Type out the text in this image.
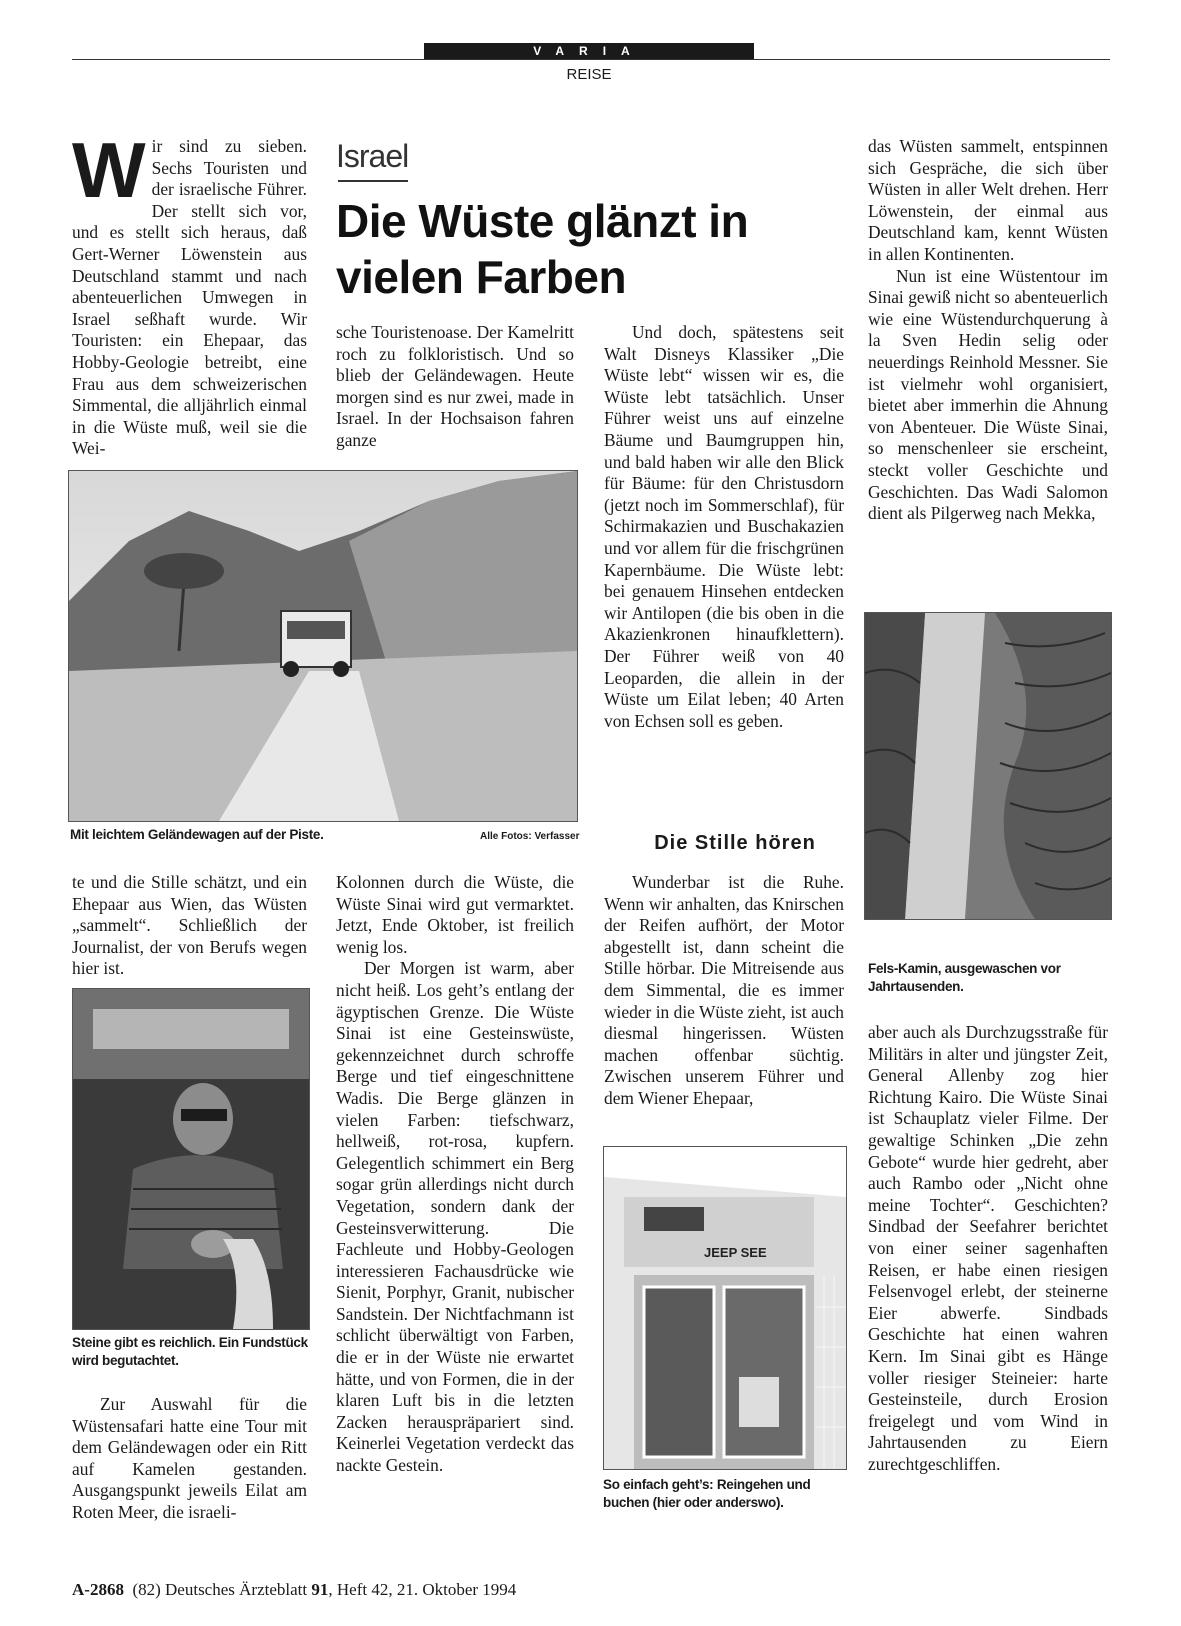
VARIA
REISE
W ir sind zu sieben. Sechs Touristen und der israelische Führer. Der stellt sich vor, und es stellt sich heraus, daß Gert-Werner Löwenstein aus Deutschland stammt und nach abenteuerlichen Umwegen in Israel seßhaft wurde. Wir Touristen: ein Ehepaar, das Hobby-Geologie betreibt, eine Frau aus dem schweizerischen Simmental, die alljährlich einmal in die Wüste muß, weil sie die Wei-

Israel
Die Wüste glänzt in vielen Farben

sche Touristenoase. Der Kamelritt roch zu folkloristisch. Und so blieb der Geländewagen. Heute morgen sind es nur zwei, made in Israel. In der Hochsaison fahren ganze

Und doch, spätestens seit Walt Disneys Klassiker „Die Wüste lebt“ wissen wir es, die Wüste lebt tatsächlich. Unser Führer weist uns auf einzelne Bäume und Baumgruppen hin, und bald haben wir alle den Blick für Bäume: für den Christusdorn (jetzt noch im Sommerschlaf), für Schirmakazien und Buschakazien und vor allem für die frischgrünen Kapernbäume. Die Wüste lebt: bei genauem Hinsehen entdecken wir Antilopen (die bis oben in die Akazienkronen hinaufklettern). Der Führer weiß von 40 Leoparden, die allein in der Wüste um Eilat leben; 40 Arten von Echsen soll es geben.

das Wüsten sammelt, entspinnen sich Gespräche, die sich über Wüsten in aller Welt drehen. Herr Löwenstein, der einmal aus Deutschland kam, kennt Wüsten in allen Kontinenten.

Nun ist eine Wüstentour im Sinai gewiß nicht so abenteuerlich wie eine Wüstendurchquerung à la Sven Hedin selig oder neuerdings Reinhold Messner. Sie ist vielmehr wohl organisiert, bietet aber immerhin die Ahnung von Abenteuer. Die Wüste Sinai, so menschenleer sie erscheint, steckt voller Geschichte und Geschichten. Das Wadi Salomon dient als Pilgerweg nach Mekka,

Mit leichtem Geländewagen auf der Piste.	Alle Fotos: Verfasser
Fels-Kamin, ausgewaschen vor Jahrtausenden.

te und die Stille schätzt, und ein Ehepaar aus Wien, das Wüsten „sammelt“. Schließlich der Journalist, der von Berufs wegen hier ist.

Steine gibt es reichlich. Ein Fundstück wird begutachtet.

Zur Auswahl für die Wüstensafari hatte eine Tour mit dem Geländewagen oder ein Ritt auf Kamelen gestanden. Ausgangspunkt jeweils Eilat am Roten Meer, die israeli-

Kolonnen durch die Wüste, die Wüste Sinai wird gut vermarktet. Jetzt, Ende Oktober, ist freilich wenig los.

Der Morgen ist warm, aber nicht heiß. Los geht’s entlang der ägyptischen Grenze. Die Wüste Sinai ist eine Gesteinswüste, gekennzeichnet durch schroffe Berge und tief eingeschnittene Wadis. Die Berge glänzen in vielen Farben: tiefschwarz, hellweiß, rot-rosa, kupfern. Gelegentlich schimmert ein Berg sogar grün allerdings nicht durch Vegetation, sondern dank der Gesteinsverwitterung. Die Fachleute und Hobby-Geologen interessieren Fachausdrücke wie Sienit, Porphyr, Granit, nubischer Sandstein. Der Nichtfachmann ist schlicht überwältigt von Farben, die er in der Wüste nie erwartet hätte, und von Formen, die in der klaren Luft bis in die letzten Zacken herauspräpariert sind. Keinerlei Vegetation verdeckt das nackte Gestein.

Die Stille hören

Wunderbar ist die Ruhe. Wenn wir anhalten, das Knirschen der Reifen aufhört, der Motor abgestellt ist, dann scheint die Stille hörbar. Die Mitreisende aus dem Simmental, die es immer wieder in die Wüste zieht, ist auch diesmal hingerissen. Wüsten machen offenbar süchtig. Zwischen unserem Führer und dem Wiener Ehepaar,

JEEP SEE
So einfach geht’s: Reingehen und buchen (hier oder anderswo).

aber auch als Durchzugsstraße für Militärs in alter und jüngster Zeit, General Allenby zog hier Richtung Kairo. Die Wüste Sinai ist Schauplatz vieler Filme. Der gewaltige Schinken „Die zehn Gebote“ wurde hier gedreht, aber auch Rambo oder „Nicht ohne meine Tochter“. Geschichten? Sindbad der Seefahrer berichtet von einer seiner sagenhaften Reisen, er habe einen riesigen Felsenvogel erlebt, der steinerne Eier abwerfe. Sindbads Geschichte hat einen wahren Kern. Im Sinai gibt es Hänge voller riesiger Steineier: harte Gesteinsteile, durch Erosion freigelegt und vom Wind in Jahrtausenden zu Eiern zurechtgeschliffen.

A-2868 (82) Deutsches Ärzteblatt 91, Heft 42, 21. Oktober 1994
